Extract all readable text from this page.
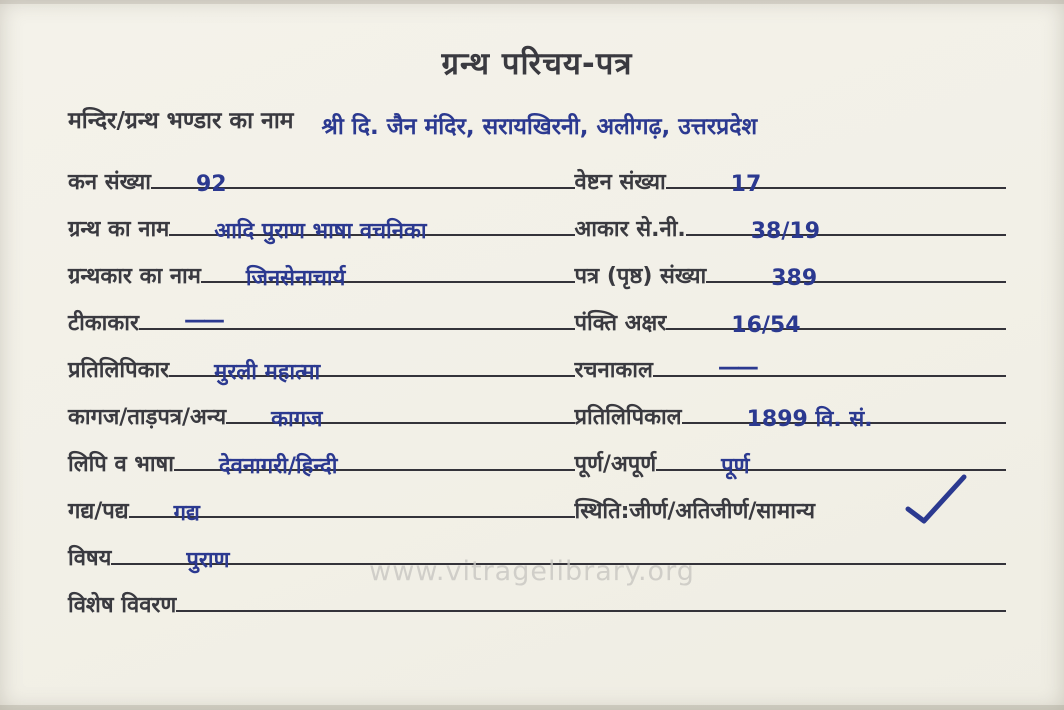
ग्रन्थ परिचय-पत्र
मन्दिर/ग्रन्थ भण्डार का नाम श्री दि. जैन मंदिर, सरायखिरनी, अलीगढ़, उत्तरप्रदेश
कन संख्या	92	वेष्टन संख्या	17
ग्रन्थ का नाम	आदि पुराण भाषा वचनिका	आकार से.नी.	38/19
ग्रन्थकार का नाम	जिनसेनाचार्य	पत्र (पृष्ठ) संख्या	389
टीकाकार	——	पंक्ति अक्षर	16/54
प्रतिलिपिकार	मुरली महात्मा	रचनाकाल	——
कागज/ताड़पत्र/अन्य	कागज	प्रतिलिपिकाल	1899 वि. सं.
लिपि व भाषा	देवनागरी/हिन्दी	पूर्ण/अपूर्ण	पूर्ण
गद्य/पद्य	गद्य	स्थिति:जीर्ण/अतिजीर्ण/सामान्य
विषय	पुराण
विशेष विवरण
www.vitragelibrary.org
